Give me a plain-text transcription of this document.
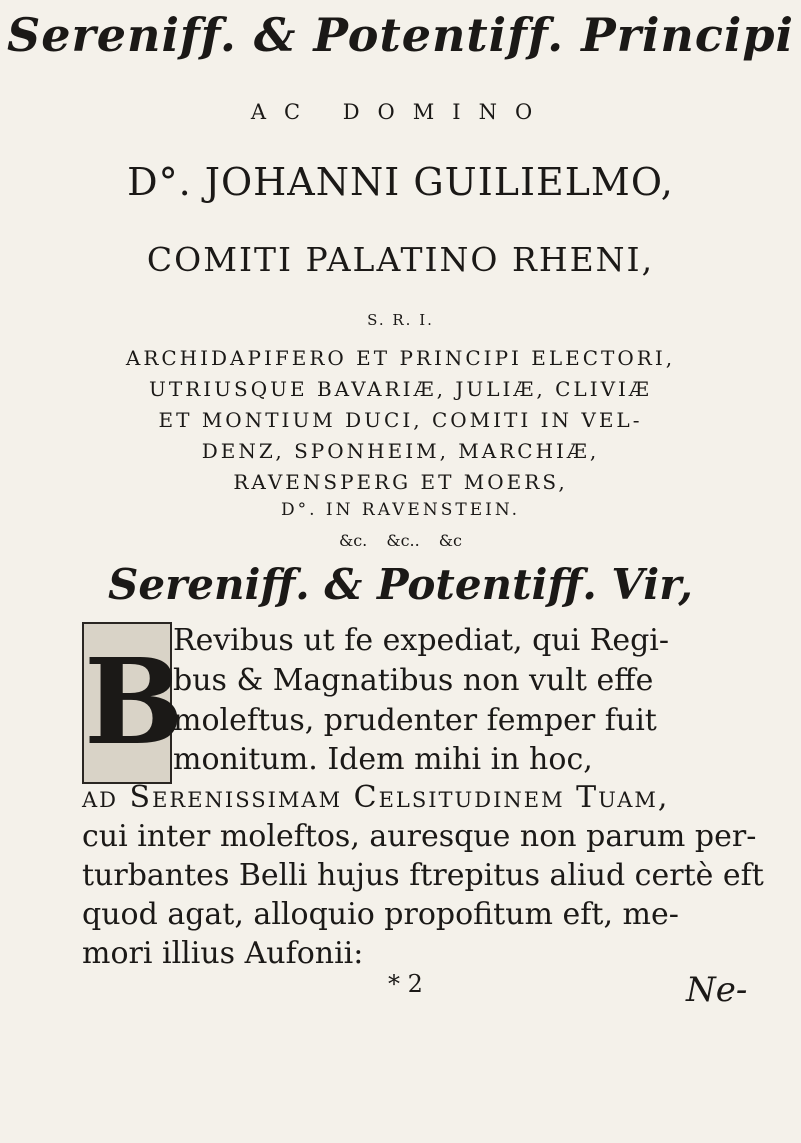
Sereniff. & Potentiff. Principi
AC DOMINO
D°. JOHANNI GUILIELMO,
COMITI PALATINO RHENI,
S. R. I.
ARCHIDAPIFERO ET PRINCIPI ELECTORI,
UTRIUSQUE BAVARIÆ, JULIÆ, CLIVIÆ
ET MONTIUM DUCI, COMITI IN VEL-
DENZ, SPONHEIM, MARCHIÆ,
RAVENSPERG ET MOERS,
D°. IN RAVENSTEIN.
&c. &c.. &c
Sereniff. & Potentiff. Vir,
B
Revibus ut fe expediat, qui Regi-
bus & Magnatibus non vult effe
moleftus, prudenter femper fuit
monitum. Idem mihi in hoc,
ad Serenissimam Celsitudinem Tuam,
cui inter moleftos, auresque non parum per-
turbantes Belli hujus ftrepitus aliud certè eft
quod agat, alloquio propofitum eft, me-
mori illius Aufonii:
* 2	Ne-
